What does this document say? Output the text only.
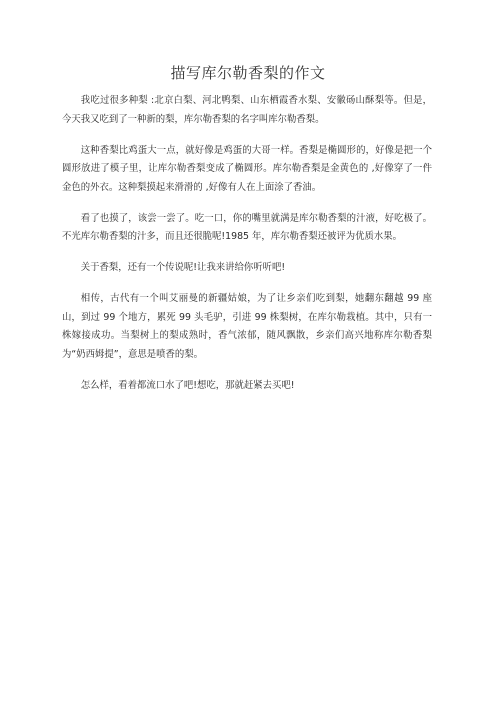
描写库尔勒香梨的作文

我吃过很多种梨 :北京白梨、河北鸭梨、山东栖霞香水梨、安徽砀山酥梨等。但是，今天我又吃到了一种新的梨，库尔勒香梨的名字叫库尔勒香梨。

这种香梨比鸡蛋大一点，就好像是鸡蛋的大哥一样。香梨是椭圆形的，好像是把一个圆形放进了模子里，让库尔勒香梨变成了椭圆形。库尔勒香梨是金黄色的 ,好像穿了一件金色的外衣。这种梨摸起来滑滑的 ,好像有人在上面涂了香油。

看了也摸了，该尝一尝了。吃一口，你的嘴里就满是库尔勒香梨的汁液，好吃极了。不光库尔勒香梨的汁多，而且还很脆呢!1985 年，库尔勒香梨还被评为优质水果。

关于香梨，还有一个传说呢!让我来讲给你听听吧!

相传，古代有一个叫艾丽曼的新疆姑娘，为了让乡亲们吃到梨，她翻东翻越 99 座山，到过 99 个地方，累死 99 头毛驴，引进 99 株梨树，在库尔勒栽植。其中，只有一株嫁接成功。当梨树上的梨成熟时，香气浓郁，随风飘散，乡亲们高兴地称库尔勒香梨为“奶西姆提”，意思是喷香的梨。

怎么样，看着都流口水了吧!想吃，那就赶紧去买吧!
